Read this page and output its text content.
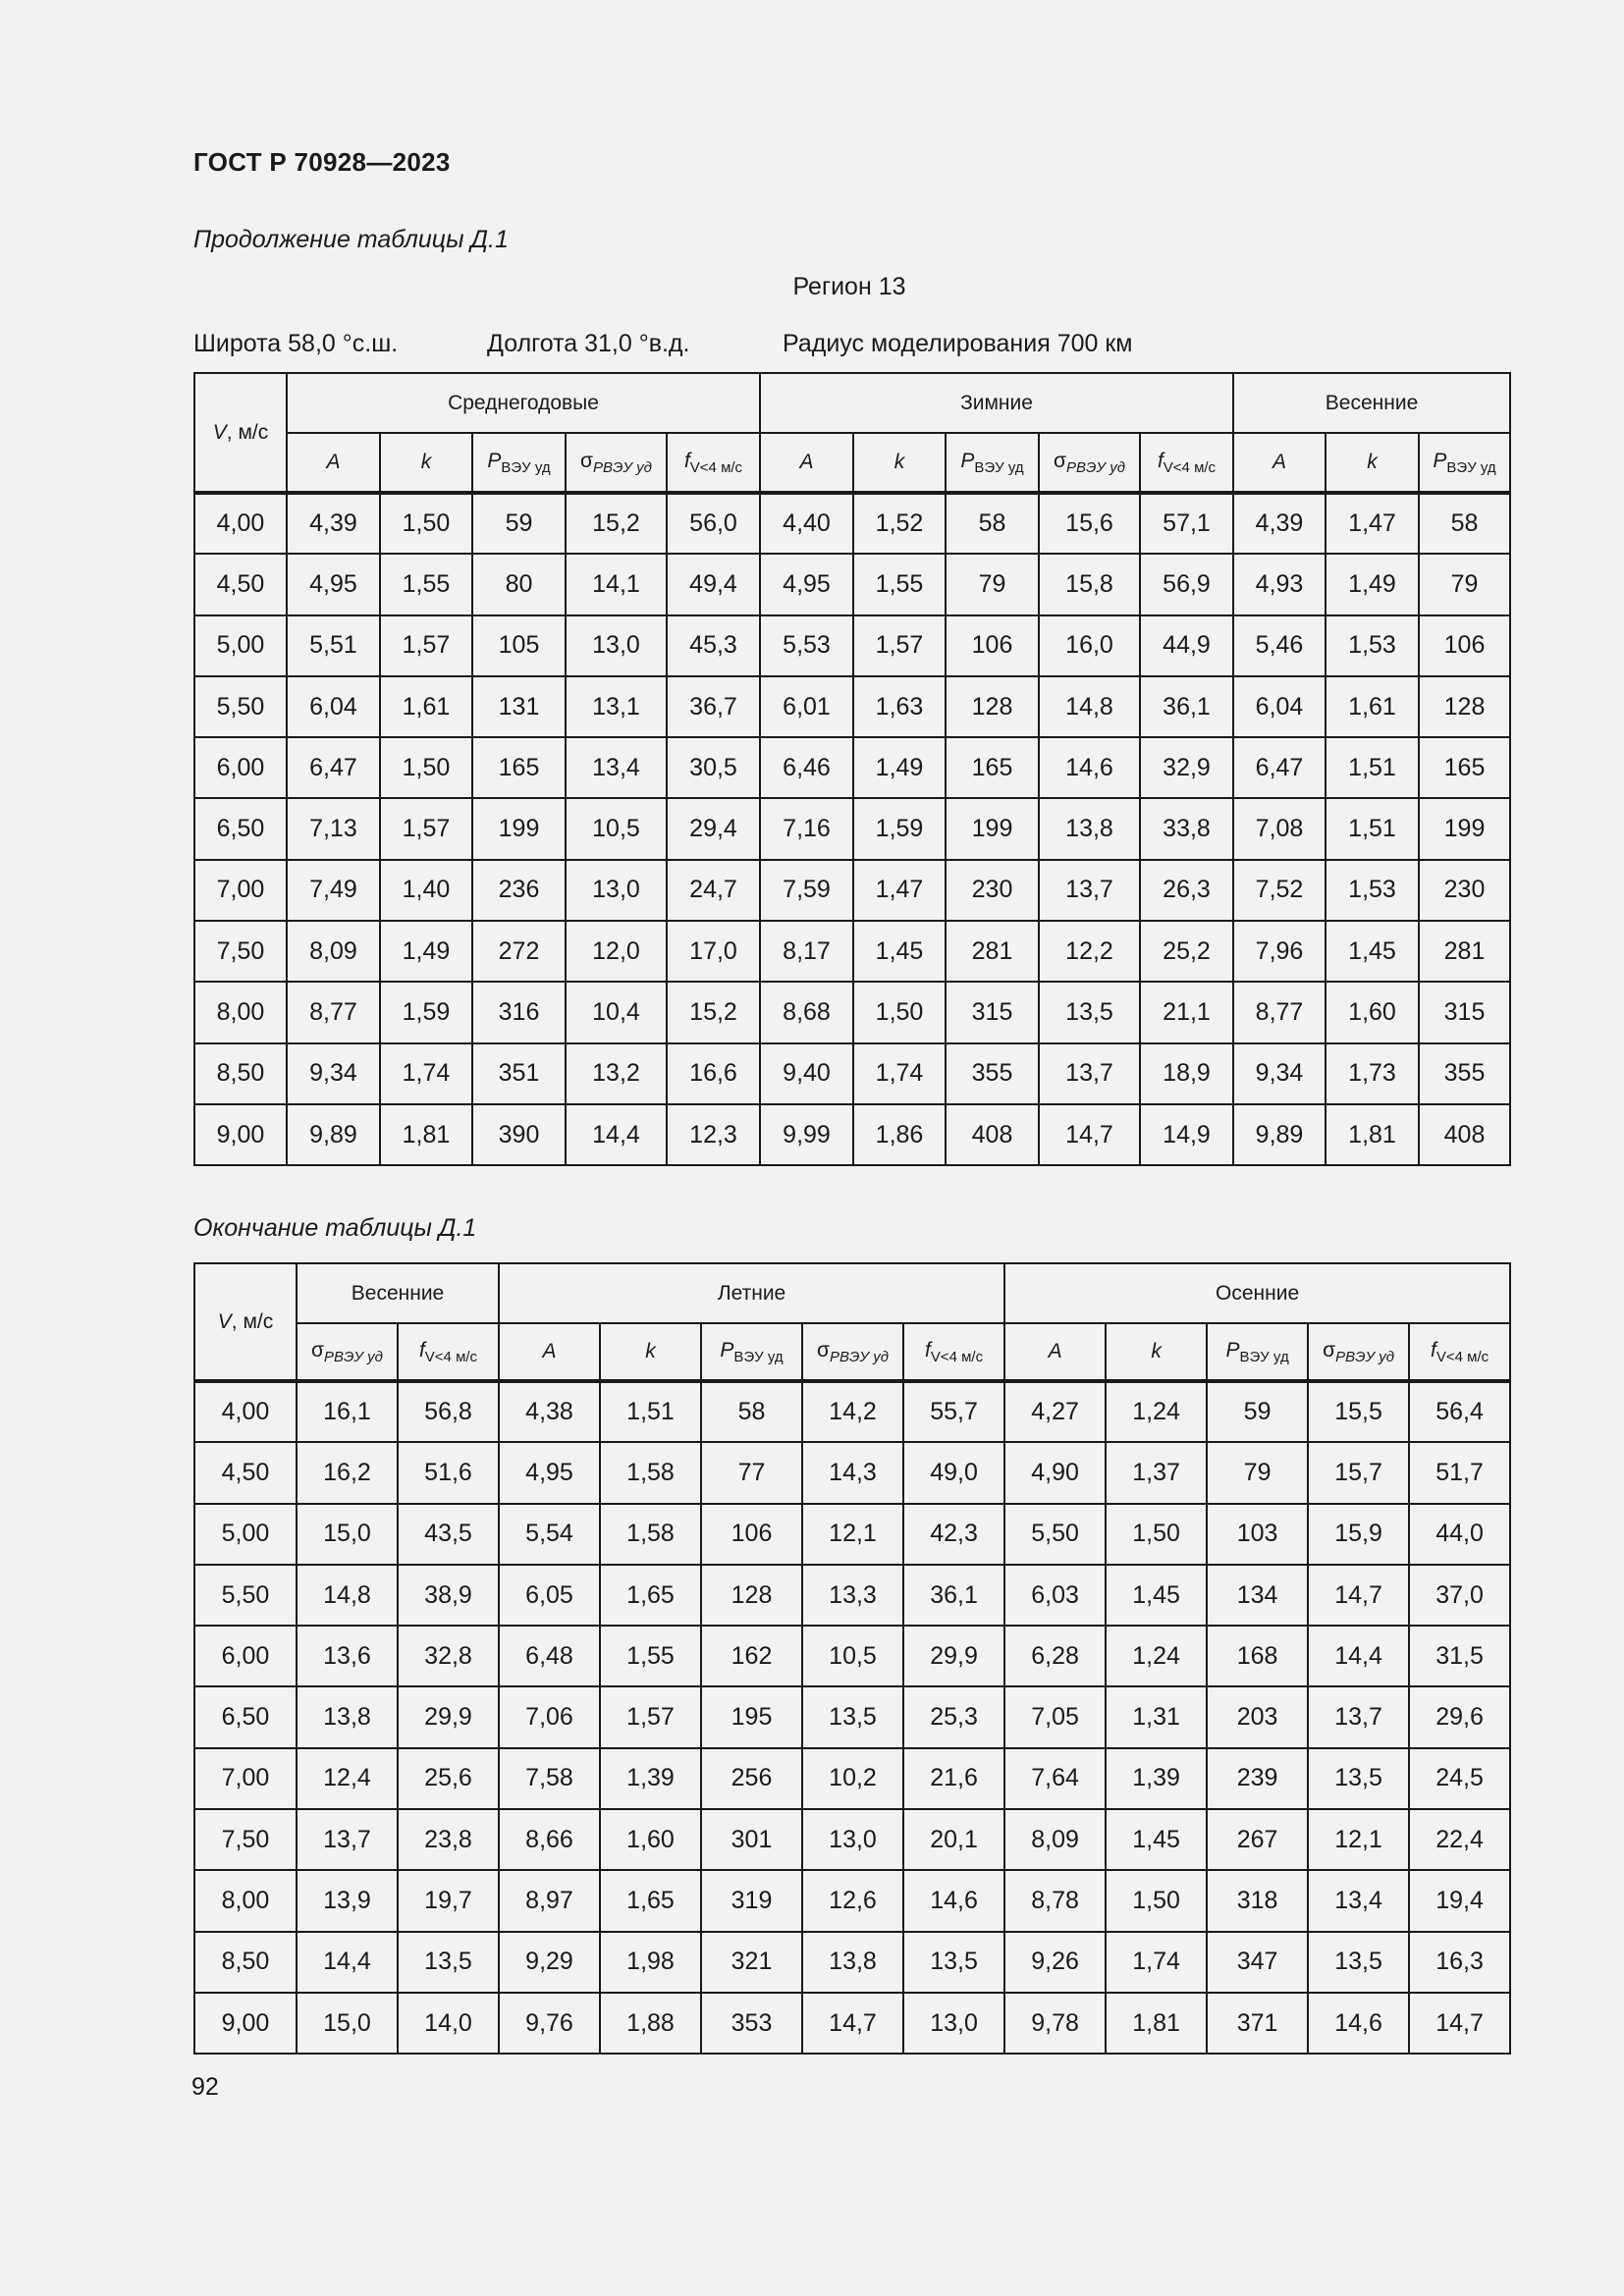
ГОСТ Р 70928—2023
Продолжение таблицы Д.1
Регион 13
Широта 58,0 °с.ш.	Долгота 31,0 °в.д.	Радиус моделирования 700 км
V, м/с	Среднегодовые					Зимние					Весенние		
	A	k	$P_{ВЭУ уд}$	$\sigma_{PВЭУ уд}$	$f_{V<4 м/с}$	A	k	$P_{ВЭУ уд}$	$\sigma_{PВЭУ уд}$	$f_{V<4 м/с}$	A	k	$P_{ВЭУ уд}$
4,00	4,39	1,50	59	15,2	56,0	4,40	1,52	58	15,6	57,1	4,39	1,47	58
4,50	4,95	1,55	80	14,1	49,4	4,95	1,55	79	15,8	56,9	4,93	1,49	79
5,00	5,51	1,57	105	13,0	45,3	5,53	1,57	106	16,0	44,9	5,46	1,53	106
5,50	6,04	1,61	131	13,1	36,7	6,01	1,63	128	14,8	36,1	6,04	1,61	128
6,00	6,47	1,50	165	13,4	30,5	6,46	1,49	165	14,6	32,9	6,47	1,51	165
6,50	7,13	1,57	199	10,5	29,4	7,16	1,59	199	13,8	33,8	7,08	1,51	199
7,00	7,49	1,40	236	13,0	24,7	7,59	1,47	230	13,7	26,3	7,52	1,53	230
7,50	8,09	1,49	272	12,0	17,0	8,17	1,45	281	12,2	25,2	7,96	1,45	281
8,00	8,77	1,59	316	10,4	15,2	8,68	1,50	315	13,5	21,1	8,77	1,60	315
8,50	9,34	1,74	351	13,2	16,6	9,40	1,74	355	13,7	18,9	9,34	1,73	355
9,00	9,89	1,81	390	14,4	12,3	9,99	1,86	408	14,7	14,9	9,89	1,81	408
Окончание таблицы Д.1
V, м/с	Весенние		Летние					Осенние				
	$\sigma_{PВЭУ уд}$	$f_{V<4 м/с}$	A	k	$P_{ВЭУ уд}$	$\sigma_{PВЭУ уд}$	$f_{V<4 м/с}$	A	k	$P_{ВЭУ уд}$	$\sigma_{PВЭУ уд}$	$f_{V<4 м/с}$
4,00	16,1	56,8	4,38	1,51	58	14,2	55,7	4,27	1,24	59	15,5	56,4
4,50	16,2	51,6	4,95	1,58	77	14,3	49,0	4,90	1,37	79	15,7	51,7
5,00	15,0	43,5	5,54	1,58	106	12,1	42,3	5,50	1,50	103	15,9	44,0
5,50	14,8	38,9	6,05	1,65	128	13,3	36,1	6,03	1,45	134	14,7	37,0
6,00	13,6	32,8	6,48	1,55	162	10,5	29,9	6,28	1,24	168	14,4	31,5
6,50	13,8	29,9	7,06	1,57	195	13,5	25,3	7,05	1,31	203	13,7	29,6
7,00	12,4	25,6	7,58	1,39	256	10,2	21,6	7,64	1,39	239	13,5	24,5
7,50	13,7	23,8	8,66	1,60	301	13,0	20,1	8,09	1,45	267	12,1	22,4
8,00	13,9	19,7	8,97	1,65	319	12,6	14,6	8,78	1,50	318	13,4	19,4
8,50	14,4	13,5	9,29	1,98	321	13,8	13,5	9,26	1,74	347	13,5	16,3
9,00	15,0	14,0	9,76	1,88	353	14,7	13,0	9,78	1,81	371	14,6	14,7
92
